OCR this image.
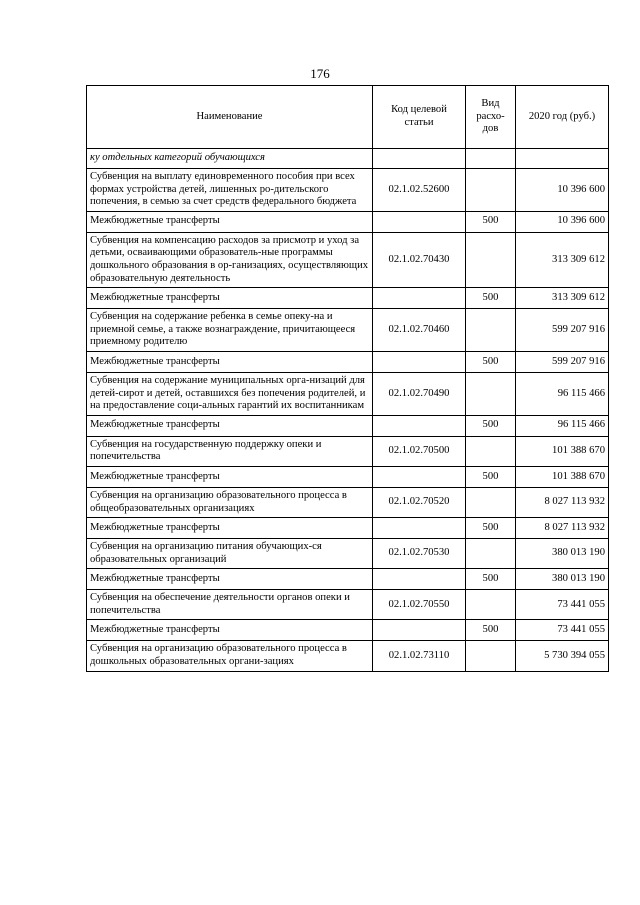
176
Наименование	Код целевой статьи	Вид расхо-дов	2020 год (руб.)
ку отдельных категорий обучающихся			
Субвенция на выплату единовременного пособия при всех формах устройства детей, лишенных ро-дительского попечения, в семью за счет средств федерального бюджета	02.1.02.52600		10 396 600
Межбюджетные трансферты		500	10 396 600
Субвенция на компенсацию расходов за присмотр и уход за детьми, осваивающими образователь-ные программы дошкольного образования в ор-ганизациях, осуществляющих образовательную деятельность	02.1.02.70430		313 309 612
Межбюджетные трансферты		500	313 309 612
Субвенция на содержание ребенка в семье опеку-на и приемной семье, а также вознаграждение, причитающееся приемному родителю	02.1.02.70460		599 207 916
Межбюджетные трансферты		500	599 207 916
Субвенция на содержание муниципальных орга-низаций для детей-сирот и детей, оставшихся без попечения родителей, и на предоставление соци-альных гарантий их воспитанникам	02.1.02.70490		96 115 466
Межбюджетные трансферты		500	96 115 466
Субвенция на государственную поддержку опеки и попечительства	02.1.02.70500		101 388 670
Межбюджетные трансферты		500	101 388 670
Субвенция на организацию образовательного процесса в общеобразовательных организациях	02.1.02.70520		8 027 113 932
Межбюджетные трансферты		500	8 027 113 932
Субвенция на организацию питания обучающих-ся образовательных организаций	02.1.02.70530		380 013 190
Межбюджетные трансферты		500	380 013 190
Субвенция на обеспечение деятельности органов опеки и попечительства	02.1.02.70550		73 441 055
Межбюджетные трансферты		500	73 441 055
Субвенция на организацию образовательного процесса в дошкольных образовательных органи-зациях	02.1.02.73110		5 730 394 055
